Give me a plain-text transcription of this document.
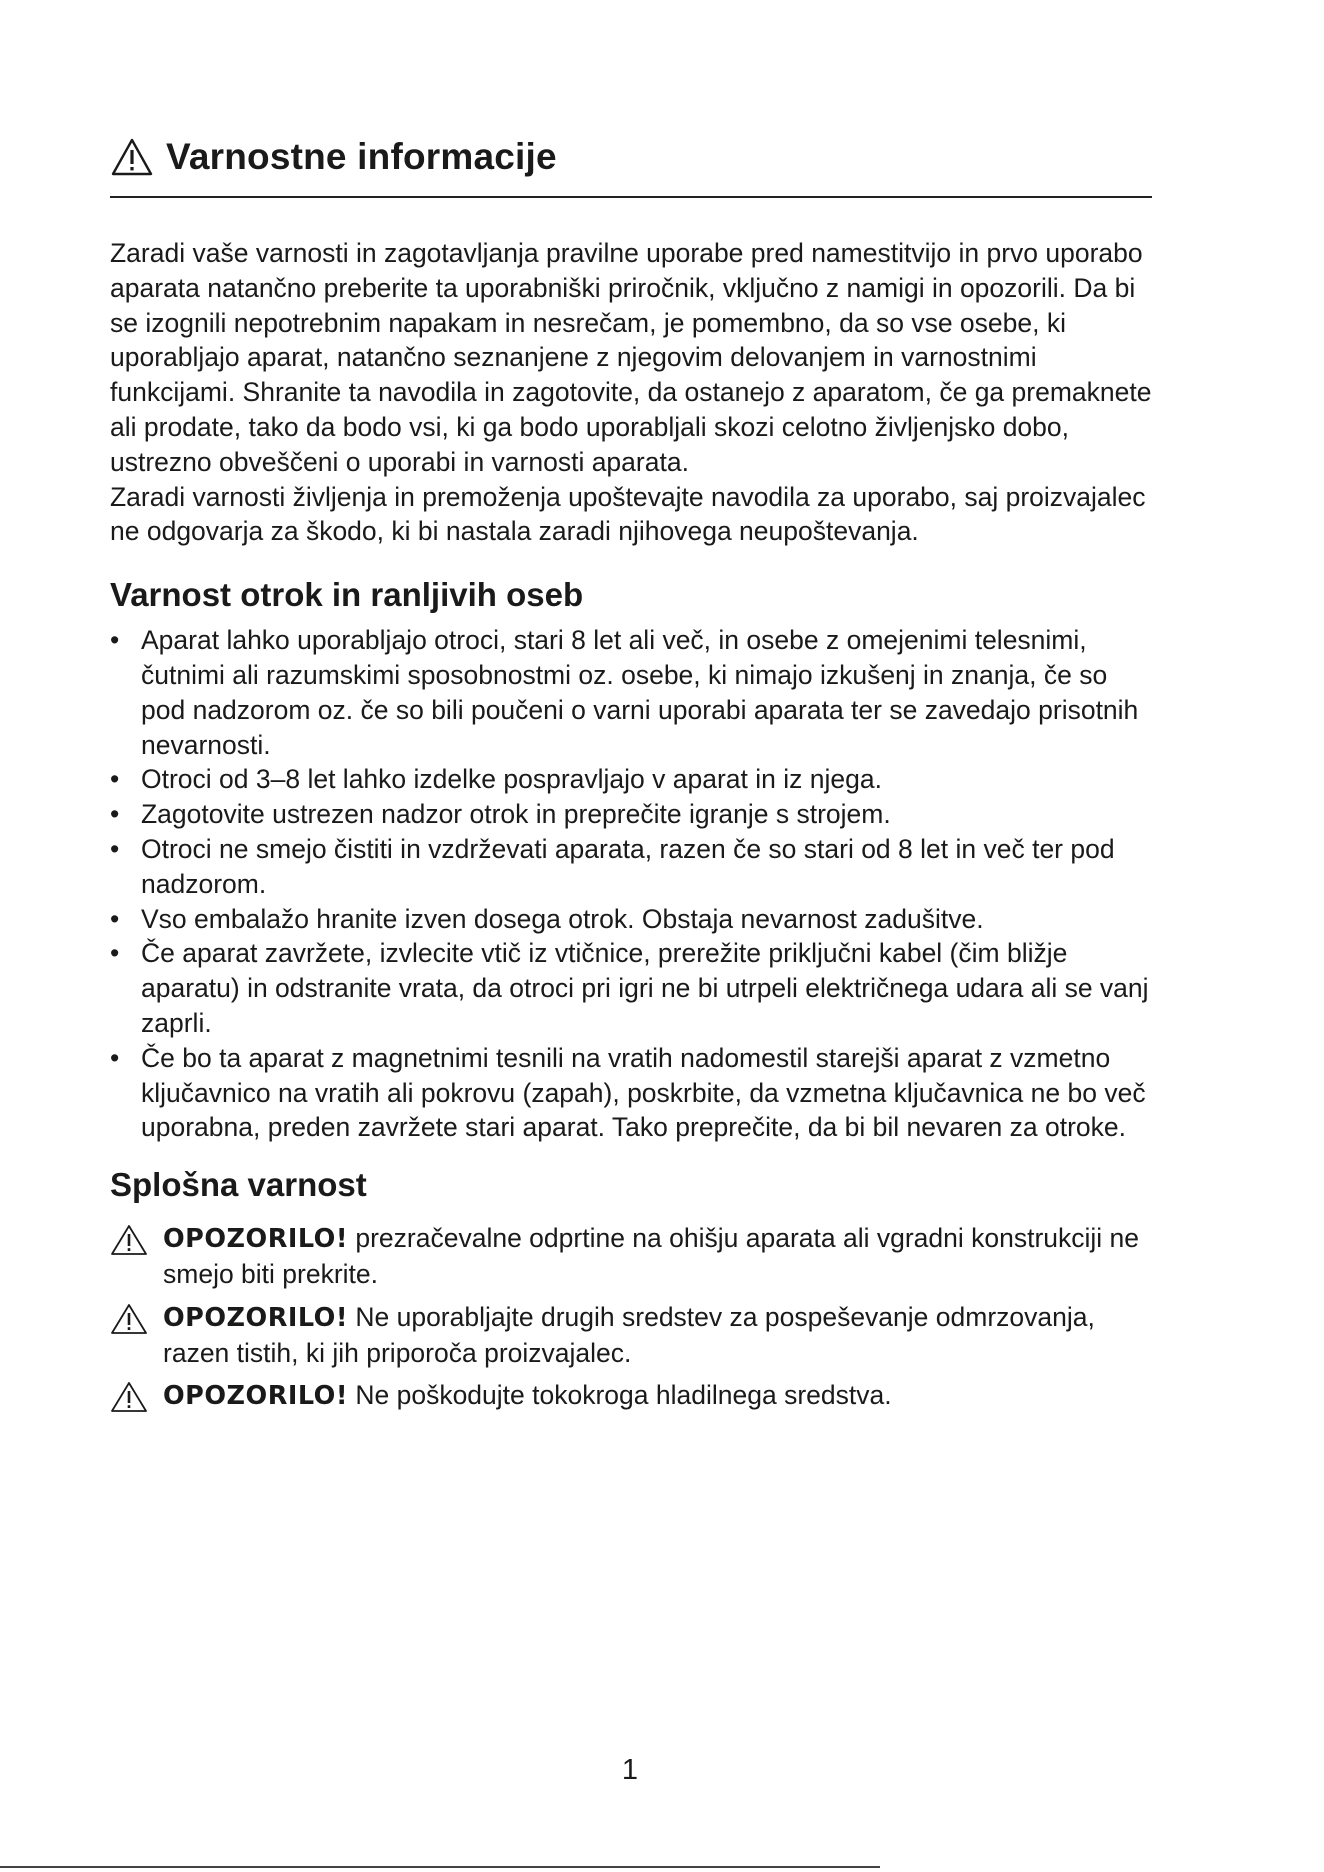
Varnostne informacije

Zaradi vaše varnosti in zagotavljanja pravilne uporabe pred namestitvijo in prvo uporabo aparata natančno preberite ta uporabniški priročnik, vključno z namigi in opozorili. Da bi se izognili nepotrebnim napakam in nesrečam, je pomembno, da so vse osebe, ki uporabljajo aparat, natančno seznanjene z njegovim delovanjem in varnostnimi funkcijami. Shranite ta navodila in zagotovite, da ostanejo z aparatom, če ga premaknete ali prodate, tako da bodo vsi, ki ga bodo uporabljali skozi celotno življenjsko dobo, ustrezno obveščeni o uporabi in varnosti aparata.

Zaradi varnosti življenja in premoženja upoštevajte navodila za uporabo, saj proizvajalec ne odgovarja za škodo, ki bi nastala zaradi njihovega neupoštevanja.

Varnost otrok in ranljivih oseb
• Aparat lahko uporabljajo otroci, stari 8 let ali več, in osebe z omejenimi telesnimi, čutnimi ali razumskimi sposobnostmi oz. osebe, ki nimajo izkušenj in znanja, če so pod nadzorom oz. če so bili poučeni o varni uporabi aparata ter se zavedajo prisotnih nevarnosti.
• Otroci od 3–8 let lahko izdelke pospravljajo v aparat in iz njega.
• Zagotovite ustrezen nadzor otrok in preprečite igranje s strojem.
• Otroci ne smejo čistiti in vzdrževati aparata, razen če so stari od 8 let in več ter pod nadzorom.
• Vso embalažo hranite izven dosega otrok. Obstaja nevarnost zadušitve.
• Če aparat zavržete, izvlecite vtič iz vtičnice, prerežite priključni kabel (čim bližje aparatu) in odstranite vrata, da otroci pri igri ne bi utrpeli električnega udara ali se vanj zaprli.
• Če bo ta aparat z magnetnimi tesnili na vratih nadomestil starejši aparat z vzmetno ključavnico na vratih ali pokrovu (zapah), poskrbite, da vzmetna ključavnica ne bo več uporabna, preden zavržete stari aparat. Tako preprečite, da bi bil nevaren za otroke.
Splošna varnost
OPOZORILO! prezračevalne odprtine na ohišju aparata ali vgradni konstrukciji ne smejo biti prekrite.
OPOZORILO! Ne uporabljajte drugih sredstev za pospeševanje odmrzovanja, razen tistih, ki jih priporoča proizvajalec.
OPOZORILO! Ne poškodujte tokokroga hladilnega sredstva.
1
